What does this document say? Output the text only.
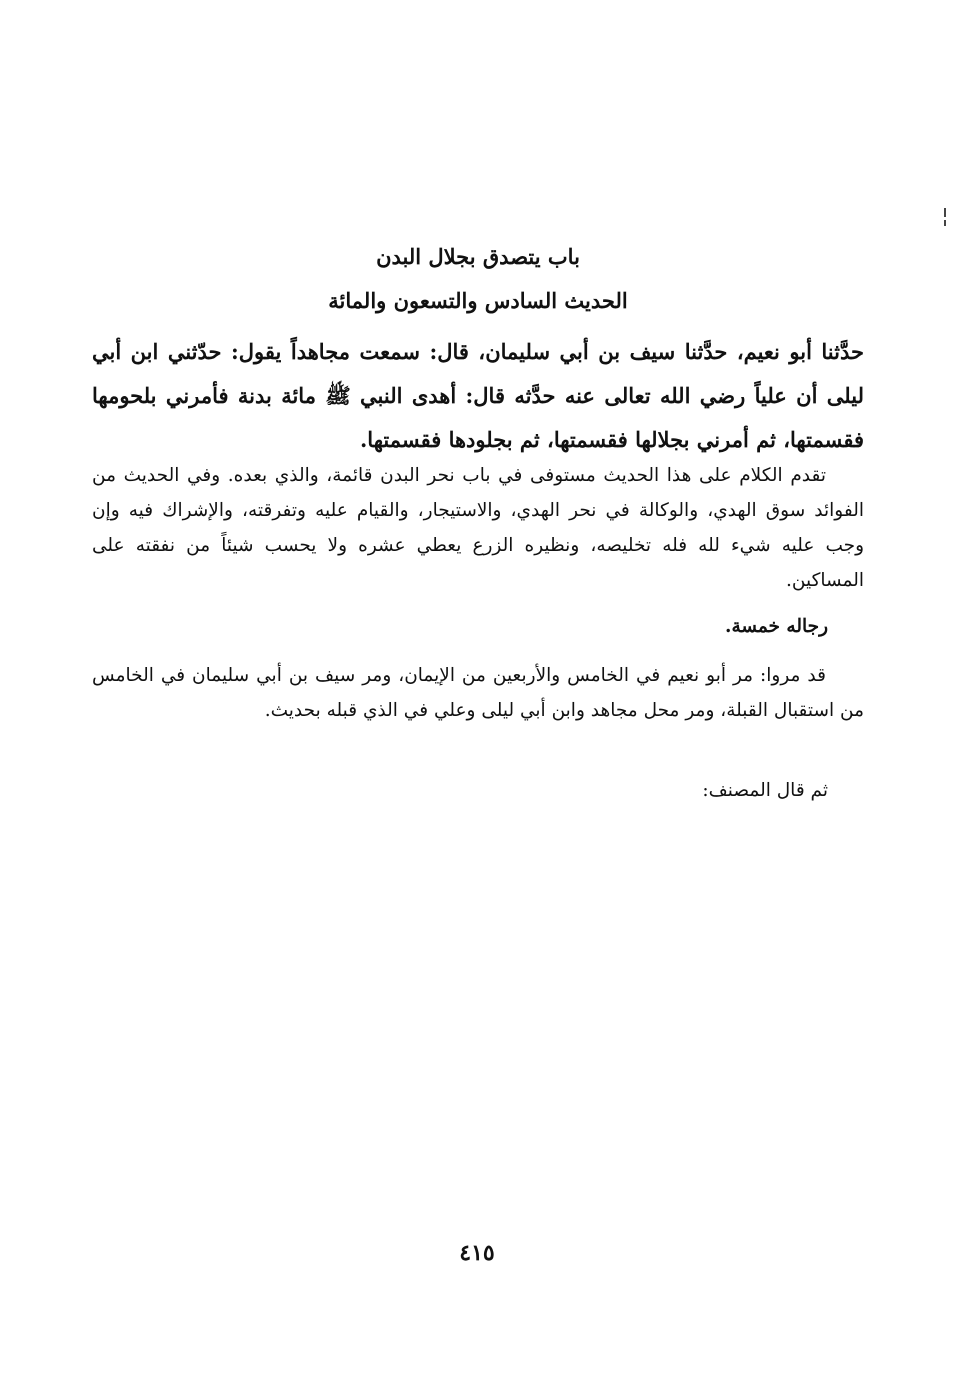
باب يتصدق بجلال البدن
الحديث السادس والتسعون والمائة
حدَّثنا أبو نعيم، حدَّثنا سيف بن أبي سليمان، قال: سمعت مجاهداً يقول: حدّثني ابن أبي ليلى أن علياً رضي الله تعالى عنه حدَّثه قال: أهدى النبي ﷺ مائة بدنة فأمرني بلحومها فقسمتها، ثم أمرني بجلالها فقسمتها، ثم بجلودها فقسمتها.
تقدم الكلام على هذا الحديث مستوفى في باب نحر البدن قائمة، والذي بعده. وفي الحديث من الفوائد سوق الهدي، والوكالة في نحر الهدي، والاستيجار، والقيام عليه وتفرقته، والإشراك فيه وإن وجب عليه شيء لله فله تخليصه، ونظيره الزرع يعطي عشره ولا يحسب شيئاً من نفقته على المساكين.
رجاله خمسة.
قد مروا: مر أبو نعيم في الخامس والأربعين من الإيمان، ومر سيف بن أبي سليمان في الخامس من استقبال القبلة، ومر محل مجاهد وابن أبي ليلى وعلي في الذي قبله بحديث.
ثم قال المصنف:
٤١٥
